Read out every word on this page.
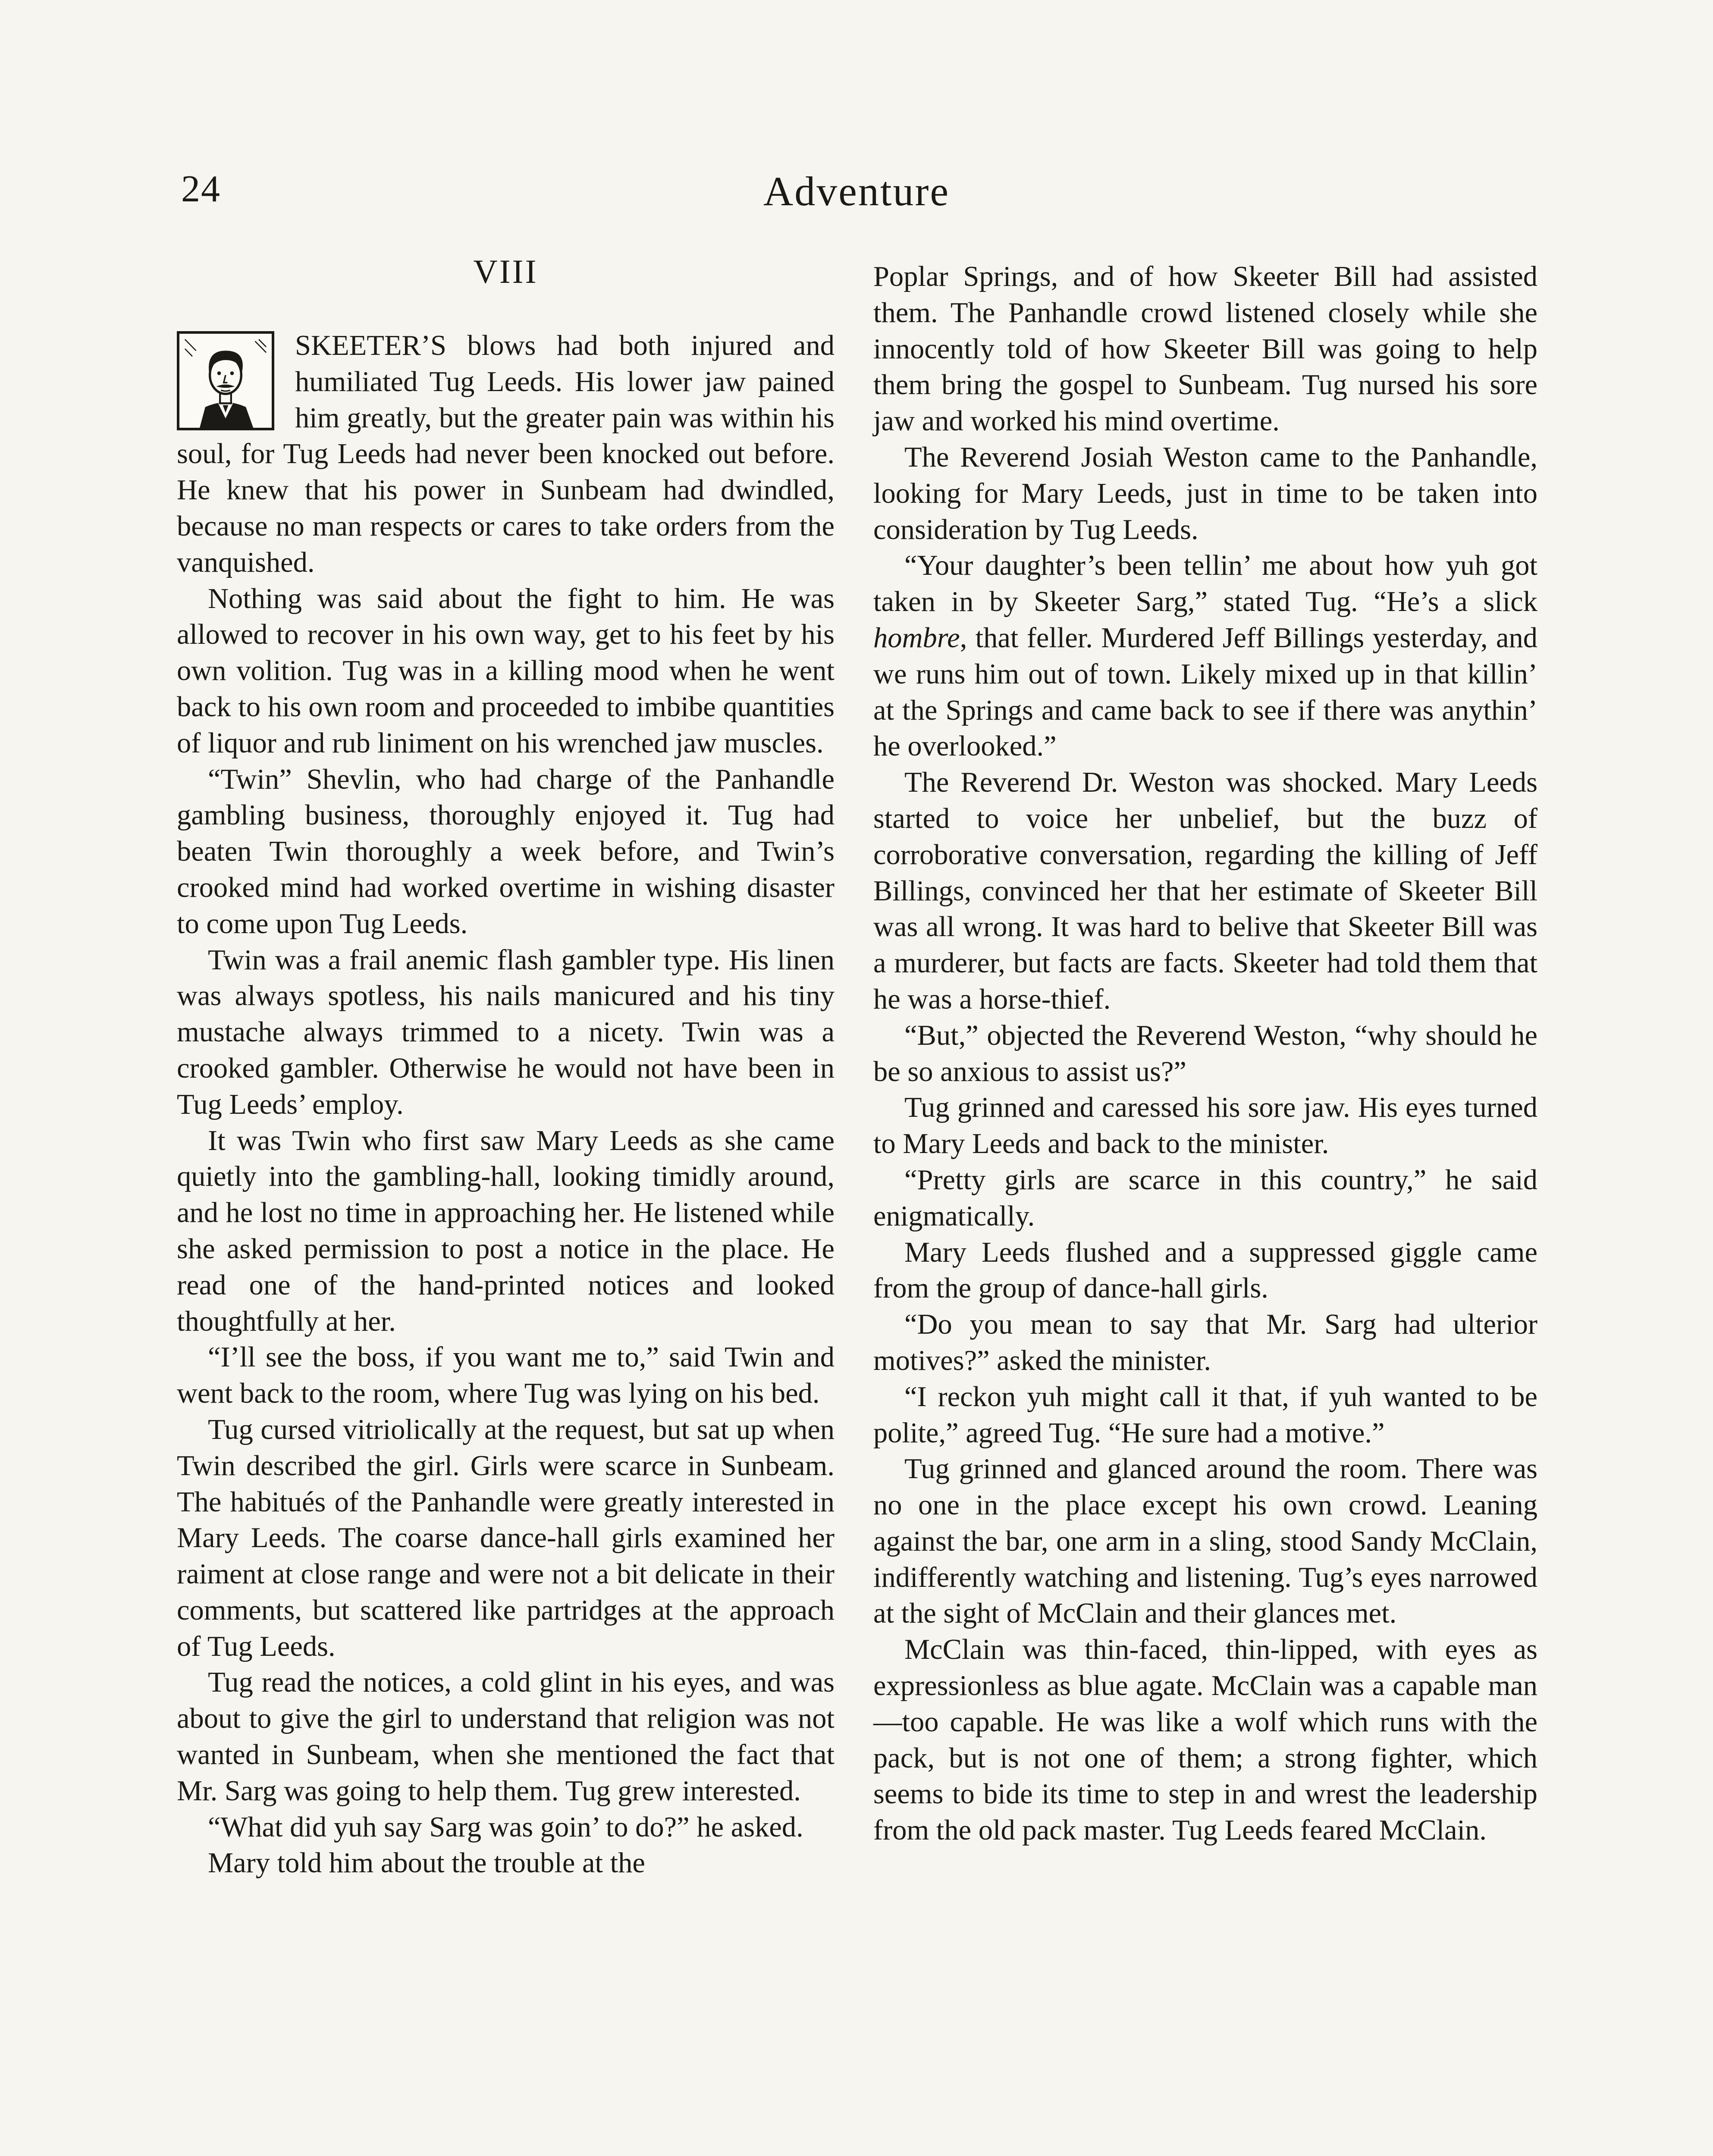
24	Adventure
VIII

SKEETER’S blows had both injured and humiliated Tug Leeds. His lower jaw pained him greatly, but the greater pain was within his soul, for Tug Leeds had never been knocked out before. He knew that his power in Sunbeam had dwindled, because no man respects or cares to take orders from the vanquished.

Nothing was said about the fight to him. He was allowed to recover in his own way, get to his feet by his own volition. Tug was in a killing mood when he went back to his own room and proceeded to imbibe quantities of liquor and rub liniment on his wrenched jaw muscles.

“Twin” Shevlin, who had charge of the Panhandle gambling business, thoroughly enjoyed it. Tug had beaten Twin thoroughly a week before, and Twin’s crooked mind had worked overtime in wishing disaster to come upon Tug Leeds.

Twin was a frail anemic flash gambler type. His linen was always spotless, his nails manicured and his tiny mustache always trimmed to a nicety. Twin was a crooked gambler. Otherwise he would not have been in Tug Leeds’ employ.

It was Twin who first saw Mary Leeds as she came quietly into the gambling-hall, looking timidly around, and he lost no time in approaching her. He listened while she asked permission to post a notice in the place. He read one of the hand-printed notices and looked thoughtfully at her.

“I’ll see the boss, if you want me to,” said Twin and went back to the room, where Tug was lying on his bed.

Tug cursed vitriolically at the request, but sat up when Twin described the girl. Girls were scarce in Sunbeam. The habitués of the Panhandle were greatly interested in Mary Leeds. The coarse dance-hall girls examined her raiment at close range and were not a bit delicate in their comments, but scattered like partridges at the approach of Tug Leeds.

Tug read the notices, a cold glint in his eyes, and was about to give the girl to understand that religion was not wanted in Sunbeam, when she mentioned the fact that Mr. Sarg was going to help them. Tug grew interested.

“What did yuh say Sarg was goin’ to do?” he asked.

Mary told him about the trouble at the

Poplar Springs, and of how Skeeter Bill had assisted them. The Panhandle crowd listened closely while she innocently told of how Skeeter Bill was going to help them bring the gospel to Sunbeam. Tug nursed his sore jaw and worked his mind overtime.

The Reverend Josiah Weston came to the Panhandle, looking for Mary Leeds, just in time to be taken into consideration by Tug Leeds.

“Your daughter’s been tellin’ me about how yuh got taken in by Skeeter Sarg,” stated Tug. “He’s a slick hombre, that feller. Murdered Jeff Billings yesterday, and we runs him out of town. Likely mixed up in that killin’ at the Springs and came back to see if there was anythin’ he overlooked.”

The Reverend Dr. Weston was shocked. Mary Leeds started to voice her unbelief, but the buzz of corroborative conversation, regarding the killing of Jeff Billings, convinced her that her estimate of Skeeter Bill was all wrong. It was hard to belive that Skeeter Bill was a murderer, but facts are facts. Skeeter had told them that he was a horse-thief.

“But,” objected the Reverend Weston, “why should he be so anxious to assist us?”

Tug grinned and caressed his sore jaw. His eyes turned to Mary Leeds and back to the minister.

“Pretty girls are scarce in this country,” he said enigmatically.

Mary Leeds flushed and a suppressed giggle came from the group of dance-hall girls.

“Do you mean to say that Mr. Sarg had ulterior motives?” asked the minister.

“I reckon yuh might call it that, if yuh wanted to be polite,” agreed Tug. “He sure had a motive.”

Tug grinned and glanced around the room. There was no one in the place except his own crowd. Leaning against the bar, one arm in a sling, stood Sandy McClain, indifferently watching and listening. Tug’s eyes narrowed at the sight of McClain and their glances met.

McClain was thin-faced, thin-lipped, with eyes as expressionless as blue agate. McClain was a capable man—too capable. He was like a wolf which runs with the pack, but is not one of them; a strong fighter, which seems to bide its time to step in and wrest the leadership from the old pack master. Tug Leeds feared McClain.
